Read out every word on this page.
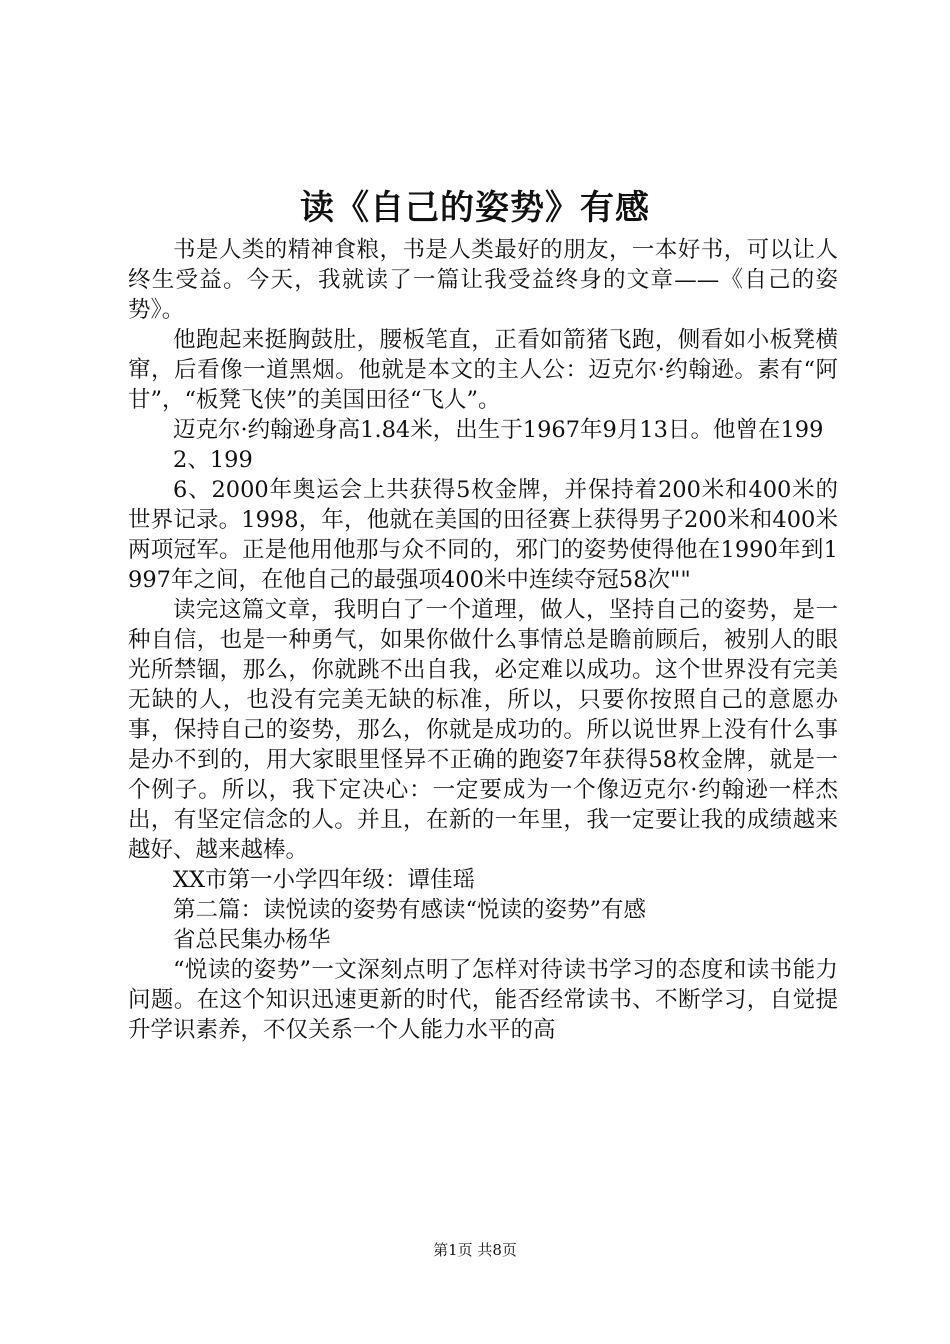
读《自己的姿势》有感

书是人类的精神食粮，书是人类最好的朋友，一本好书，可以让人终生受益。今天，我就读了一篇让我受益终身的文章——《自己的姿势》。

他跑起来挺胸鼓肚，腰板笔直，正看如箭猪飞跑，侧看如小板凳横窜，后看像一道黑烟。他就是本文的主人公：迈克尔·约翰逊。素有“阿甘”，“板凳飞侠”的美国田径“飞人”。

迈克尔·约翰逊身高1.84米，出生于1967年9月13日。他曾在199

2、199

6、2000年奥运会上共获得5枚金牌，并保持着200米和400米的世界记录。1998，年，他就在美国的田径赛上获得男子200米和400米两项冠军。正是他用他那与众不同的，邪门的姿势使得他在1990年到1997年之间，在他自己的最强项400米中连续夺冠58次""

读完这篇文章，我明白了一个道理，做人，坚持自己的姿势，是一种自信，也是一种勇气，如果你做什么事情总是瞻前顾后，被别人的眼光所禁锢，那么，你就跳不出自我，必定难以成功。这个世界没有完美无缺的人，也没有完美无缺的标准，所以，只要你按照自己的意愿办事，保持自己的姿势，那么，你就是成功的。所以说世界上没有什么事是办不到的，用大家眼里怪异不正确的跑姿7年获得58枚金牌，就是一个例子。所以，我下定决心：一定要成为一个像迈克尔·约翰逊一样杰出，有坚定信念的人。并且，在新的一年里，我一定要让我的成绩越来越好、越来越棒。

XX市第一小学四年级：谭佳瑶

第二篇：读悦读的姿势有感读“悦读的姿势”有感

省总民集办杨华

“悦读的姿势”一文深刻点明了怎样对待读书学习的态度和读书能力问题。在这个知识迅速更新的时代，能否经常读书、不断学习，自觉提升学识素养，不仅关系一个人能力水平的高

第1页 共8页
